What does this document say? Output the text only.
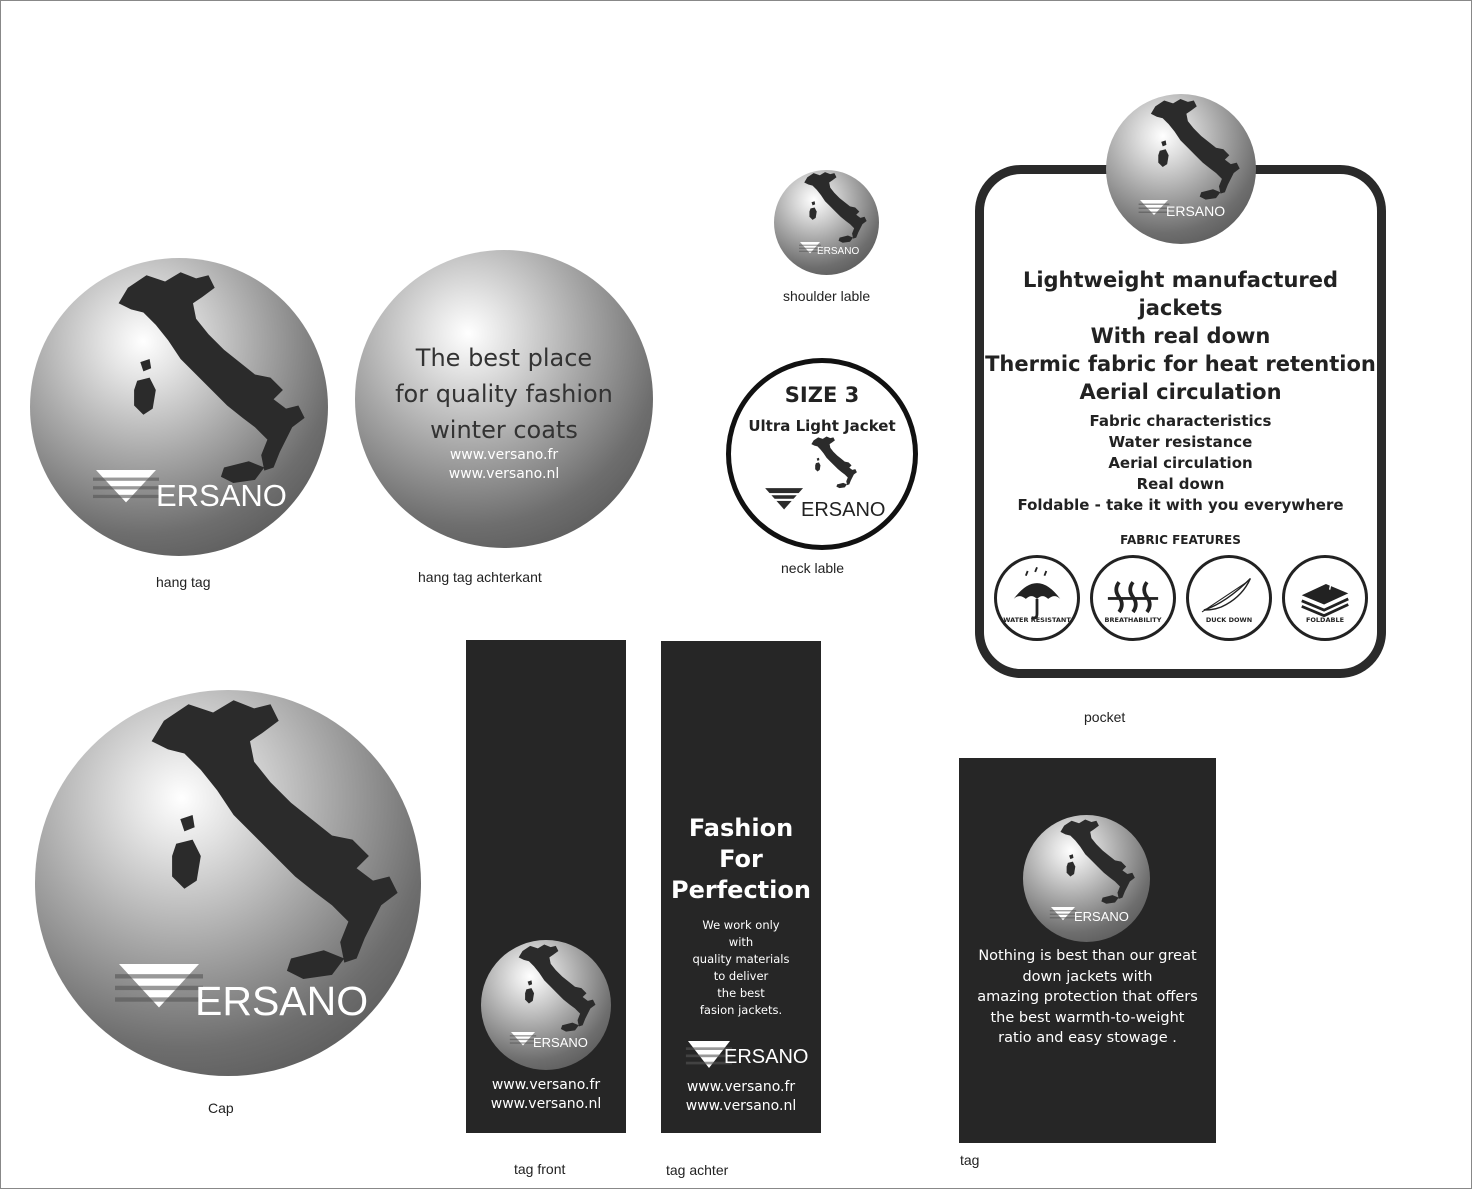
ERSANO
hang tag
The best place
for quality fashion
winter coats
www.versano.fr
www.versano.nl
hang tag achterkant
ERSANO
shoulder lable
SIZE 3
Ultra Light Jacket
ERSANO
neck lable
Lightweight manufactured jackets
With real down
Thermic fabric for heat retention
Aerial circulation
Fabric characteristics
Water resistance
Aerial circulation
Real down
Foldable - take it with you everywhere
FABRIC FEATURES
WATER RESISTANT	BREATHABILITY	DUCK DOWN	FOLDABLE
ERSANO
pocket
ERSANO
Cap
ERSANO
www.versano.fr
www.versano.nl
tag front
Fashion
For
Perfection
We work only
with
quality materials
to deliver
the best
fasion jackets.
ERSANO
www.versano.fr
www.versano.nl
tag achter
ERSANO
Nothing is best than our great
down jackets with
amazing protection that offers
the best warmth-to-weight
ratio and easy stowage .
tag
